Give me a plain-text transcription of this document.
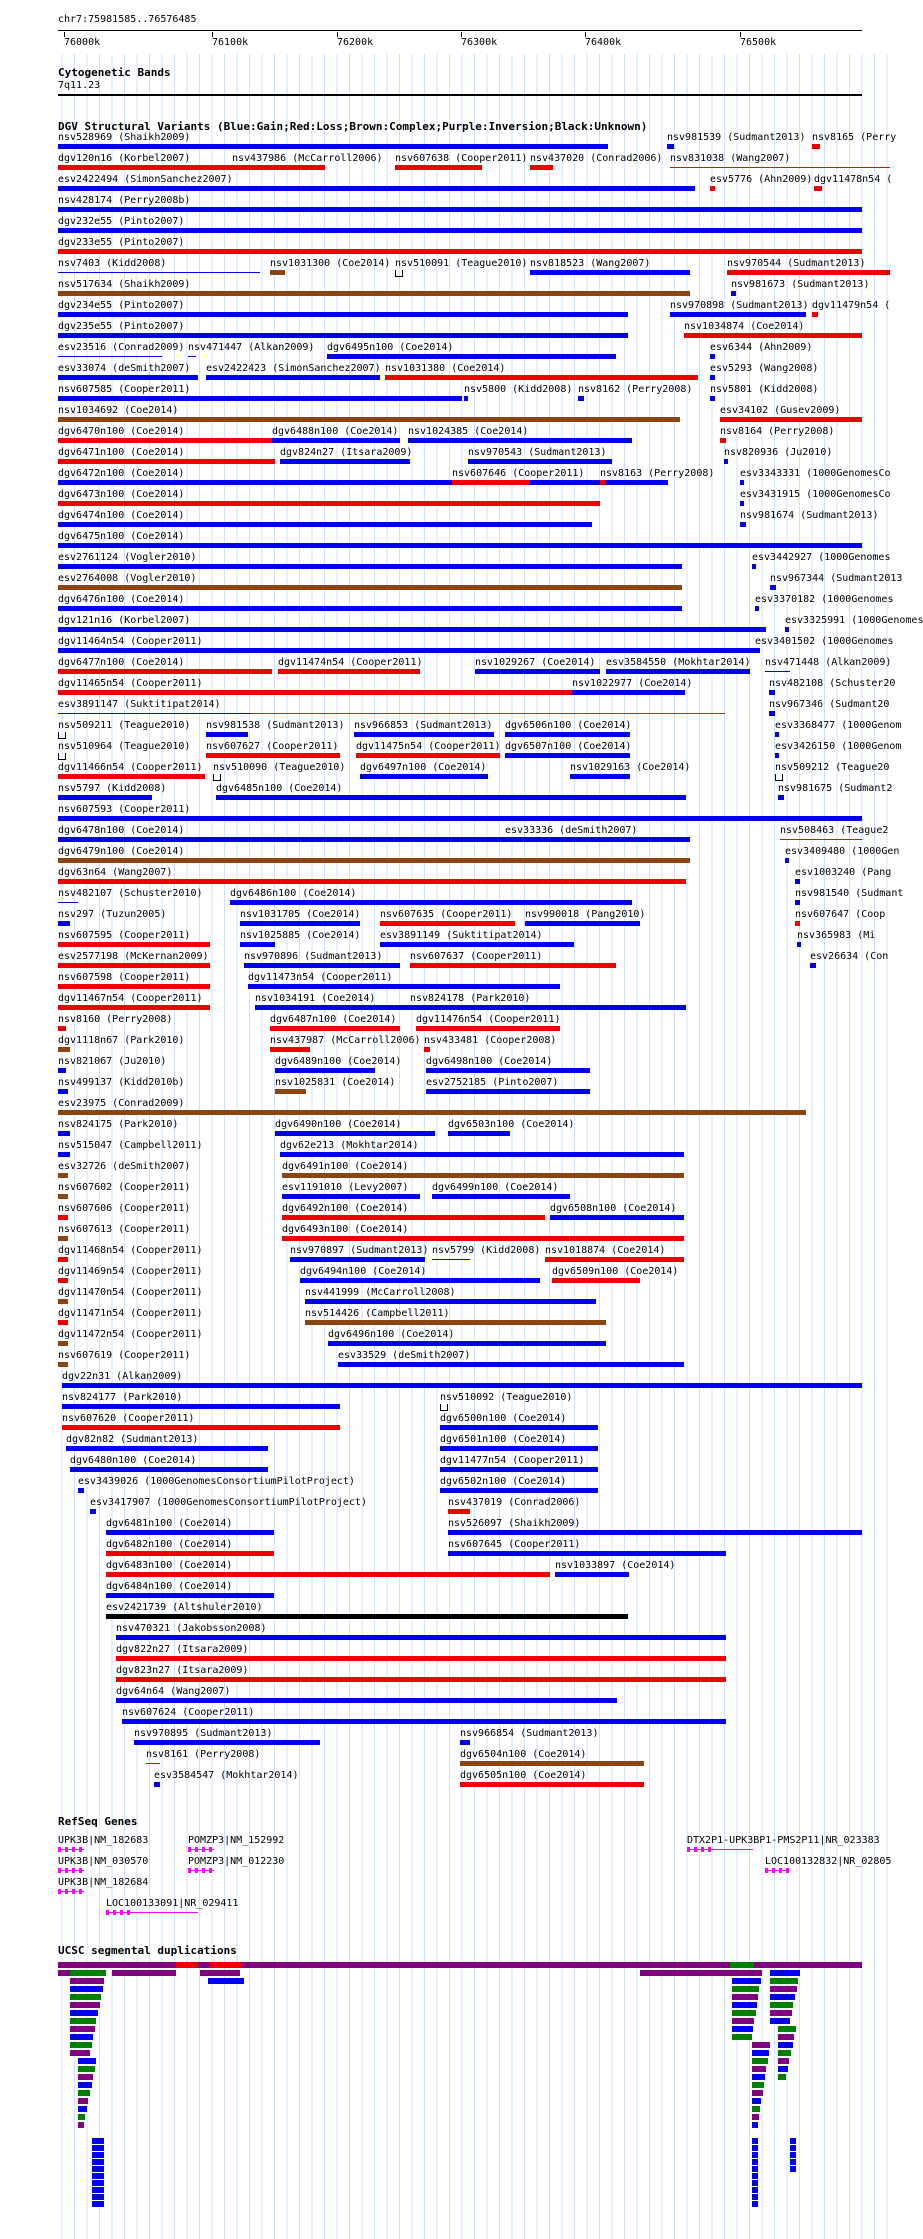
chr7:75981585..76576485
76000k	76100k	76200k	76300k	76400k	76500k
Cytogenetic Bands
7q11.23
DGV Structural Variants (Blue:Gain;Red:Loss;Brown:Complex;Purple:Inversion;Black:Unknown)
nsv528969 (Shaikh2009)	nsv981539 (Sudmant2013) nsv8165 (Perry
dgv120n16 (Korbel2007)	nsv437986 (McCarroll2006) nsv607638 (Cooper2011) nsv437020 (Conrad2006) nsv831038 (Wang2007)
esv2422494 (SimonSanchez2007)	esv5776 (Ahn2009) dgv11478n54 (
nsv428174 (Perry2008b)
dgv232e55 (Pinto2007)
dgv233e55 (Pinto2007)
nsv7403 (Kidd2008)	nsv1031300 (Coe2014) nsv510091 (Teague2010) nsv818523 (Wang2007)	nsv970544 (Sudmant2013)
nsv517634 (Shaikh2009)	nsv981673 (Sudmant2013)
dgv234e55 (Pinto2007)	nsv970898 (Sudmant2013) dgv11479n54 (
dgv235e55 (Pinto2007)	nsv1034874 (Coe2014)
esv23516 (Conrad2009) nsv471447 (Alkan2009) dgv6495n100 (Coe2014)	esv6344 (Ahn2009)
esv33074 (deSmith2007) esv2422423 (SimonSanchez2007) nsv1031380 (Coe2014)	esv5293 (Wang2008)
nsv607585 (Cooper2011)	nsv5800 (Kidd2008) nsv8162 (Perry2008) nsv5801 (Kidd2008)
nsv1034692 (Coe2014)	esv34102 (Gusev2009)
dgv6470n100 (Coe2014)	dgv6488n100 (Coe2014) nsv1024385 (Coe2014)	nsv8164 (Perry2008)
dgv6471n100 (Coe2014)	dgv824n27 (Itsara2009)	nsv970543 (Sudmant2013)	nsv820936 (Ju2010)
dgv6472n100 (Coe2014)	nsv607646 (Cooper2011) nsv8163 (Perry2008)	esv3343331 (1000GenomesCo
dgv6473n100 (Coe2014)	esv3431915 (1000GenomesCo
dgv6474n100 (Coe2014)	nsv981674 (Sudmant2013)
dgv6475n100 (Coe2014)
esv2761124 (Vogler2010)	esv3442927 (1000Genomes
esv2764008 (Vogler2010)	nsv967344 (Sudmant2013
dgv6476n100 (Coe2014)	esv3370182 (1000Genomes
dgv121n16 (Korbel2007)	esv3325991 (1000Genomes
dgv11464n54 (Cooper2011)	esv3401502 (1000Genomes
dgv6477n100 (Coe2014)	dgv11474n54 (Cooper2011)	nsv1029267 (Coe2014) esv3584550 (Mokhtar2014) nsv471448 (Alkan2009)
dgv11465n54 (Cooper2011)	nsv1022977 (Coe2014)	nsv482108 (Schuster20
esv3891147 (Suktitipat2014)	nsv967346 (Sudmant20
nsv509211 (Teague2010) nsv981538 (Sudmant2013) nsv966853 (Sudmant2013) dgv6506n100 (Coe2014)	esv3368477 (1000Genom
nsv510964 (Teague2010) nsv607627 (Cooper2011) dgv11475n54 (Cooper2011) dgv6507n100 (Coe2014)	esv3426150 (1000Genom
dgv11466n54 (Cooper2011) nsv510090 (Teague2010) dgv6497n100 (Coe2014)	nsv1029163 (Coe2014)	nsv509212 (Teague20
nsv5797 (Kidd2008)	dgv6485n100 (Coe2014)	nsv981675 (Sudmant2
nsv607593 (Cooper2011)
dgv6478n100 (Coe2014)	esv33336 (deSmith2007)	nsv508463 (Teague2
dgv6479n100 (Coe2014)	esv3409480 (1000Gen
dgv63n64 (Wang2007)	esv1003240 (Pang
nsv482107 (Schuster2010)	dgv6486n100 (Coe2014)	nsv981540 (Sudmant
nsv297 (Tuzun2005)	nsv1031705 (Coe2014) nsv607635 (Cooper2011) nsv990018 (Pang2010)	nsv607647 (Coop
nsv607595 (Cooper2011)	nsv1025885 (Coe2014) esv3891149 (Suktitipat2014)	nsv365983 (Mi
esv2577198 (McKernan2009)	nsv970896 (Sudmant2013)	nsv607637 (Cooper2011)	esv26634 (Con
nsv607598 (Cooper2011)	dgv11473n54 (Cooper2011)
dgv11467n54 (Cooper2011)	nsv1034191 (Coe2014)	nsv824178 (Park2010)
nsv8160 (Perry2008)	dgv6487n100 (Coe2014) dgv11476n54 (Cooper2011)
dgv1118n67 (Park2010)	nsv437987 (McCarroll2006) nsv433481 (Cooper2008)
nsv821067 (Ju2010)	dgv6489n100 (Coe2014) dgv6498n100 (Coe2014)
nsv499137 (Kidd2010b)	nsv1025831 (Coe2014)	esv2752185 (Pinto2007)
esv23975 (Conrad2009)
nsv824175 (Park2010)	dgv6490n100 (Coe2014)	dgv6503n100 (Coe2014)
nsv515047 (Campbell2011)	dgv62e213 (Mokhtar2014)
esv32726 (deSmith2007)	dgv6491n100 (Coe2014)
nsv607602 (Cooper2011)	esv1191010 (Levy2007) dgv6499n100 (Coe2014)
nsv607606 (Cooper2011)	dgv6492n100 (Coe2014)	dgv6508n100 (Coe2014)
nsv607613 (Cooper2011)	dgv6493n100 (Coe2014)
dgv11468n54 (Cooper2011)	nsv970897 (Sudmant2013) nsv5799 (Kidd2008) nsv1018874 (Coe2014)
dgv11469n54 (Cooper2011)	dgv6494n100 (Coe2014)	dgv6509n100 (Coe2014)
dgv11470n54 (Cooper2011)	nsv441999 (McCarroll2008)
dgv11471n54 (Cooper2011)	nsv514426 (Campbell2011)
dgv11472n54 (Cooper2011)	dgv6496n100 (Coe2014)
nsv607619 (Cooper2011)	esv33529 (deSmith2007)
dgv22n31 (Alkan2009)
nsv824177 (Park2010)	nsv510092 (Teague2010)
nsv607620 (Cooper2011)	dgv6500n100 (Coe2014)
dgv82n82 (Sudmant2013)	dgv6501n100 (Coe2014)
dgv6480n100 (Coe2014)	dgv11477n54 (Cooper2011)
esv3439026 (1000GenomesConsortiumPilotProject)	dgv6502n100 (Coe2014)
esv3417907 (1000GenomesConsortiumPilotProject)	nsv437019 (Conrad2006)
dgv6481n100 (Coe2014)	nsv526097 (Shaikh2009)
dgv6482n100 (Coe2014)	nsv607645 (Cooper2011)
dgv6483n100 (Coe2014)	nsv1033897 (Coe2014)
dgv6484n100 (Coe2014)
esv2421739 (Altshuler2010)
nsv470321 (Jakobsson2008)
dgv822n27 (Itsara2009)
dgv823n27 (Itsara2009)
dgv64n64 (Wang2007)
nsv607624 (Cooper2011)
nsv970895 (Sudmant2013)	nsv966854 (Sudmant2013)
nsv8161 (Perry2008)	dgv6504n100 (Coe2014)
esv3584547 (Mokhtar2014)	dgv6505n100 (Coe2014)
RefSeq Genes
UPK3B|NM_182683	POMZP3|NM_152992	DTX2P1-UPK3BP1-PMS2P11|NR_023383
UPK3B|NM_030570	POMZP3|NM_012230	LOC100132832|NR_02805
UPK3B|NM_182684
LOC100133091|NR_029411
UCSC segmental duplications
